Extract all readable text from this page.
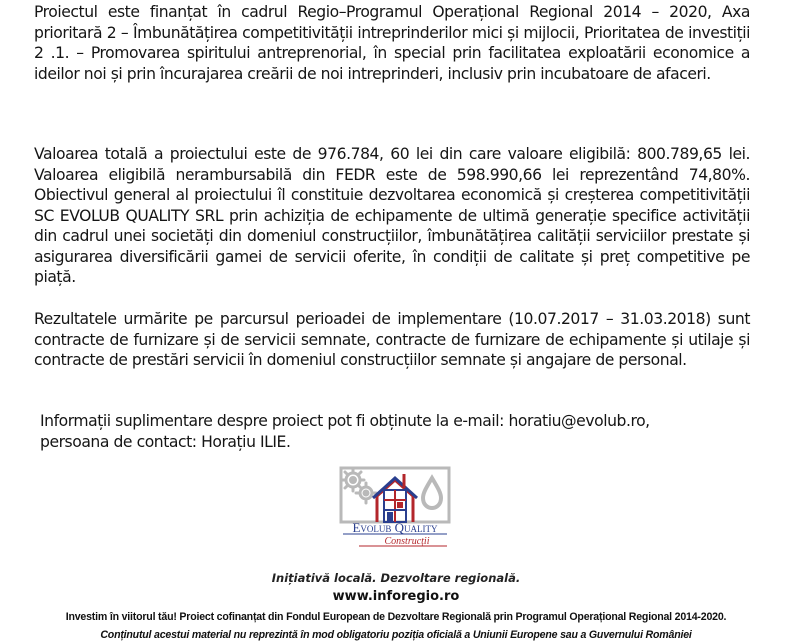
Proiectul este finanțat în cadrul Regio–Programul Operațional Regional 2014 – 2020, Axa prioritară 2 – Îmbunătățirea competitivității intreprinderilor mici și mijlocii, Prioritatea de investiții 2 .1. – Promovarea spiritului antreprenorial, în special prin facilitatea exploatării economice a ideilor noi și prin încurajarea creării de noi intreprinderi, inclusiv prin incubatoare de afaceri.

Valoarea totală a proiectului este de 976.784, 60 lei din care valoare eligibilă: 800.789,65 lei. Valoarea eligibilă nerambursabilă din FEDR este de 598.990,66 lei reprezentând 74,80%. Obiectivul general al proiectului îl constituie dezvoltarea economică și creșterea competitivității SC EVOLUB QUALITY SRL prin achiziția de echipamente de ultimă generație specifice activității din cadrul unei societăți din domeniul construcțiilor, îmbunătățirea calității serviciilor prestate și asigurarea diversificării gamei de servicii oferite, în condiții de calitate și preț competitive pe piață.

Rezultatele urmărite pe parcursul perioadei de implementare (10.07.2017 – 31.03.2018) sunt contracte de furnizare și de servicii semnate, contracte de furnizare de echipamente și utilaje și contracte de prestări servicii în domeniul construcțiilor semnate și angajare de personal.

Informații suplimentare despre proiect pot fi obținute la e-mail: horatiu@evolub.ro,
persoana de contact: Horațiu ILIE.
Evolub Quality
Construcții
Inițiativă locală. Dezvoltare regională.
www.inforegio.ro
Investim în viitorul tău! Proiect cofinanțat din Fondul European de Dezvoltare Regională prin Programul Operațional Regional 2014-2020.
Conținutul acestui material nu reprezintă în mod obligatoriu poziția oficială a Uniunii Europene sau a Guvernului României
